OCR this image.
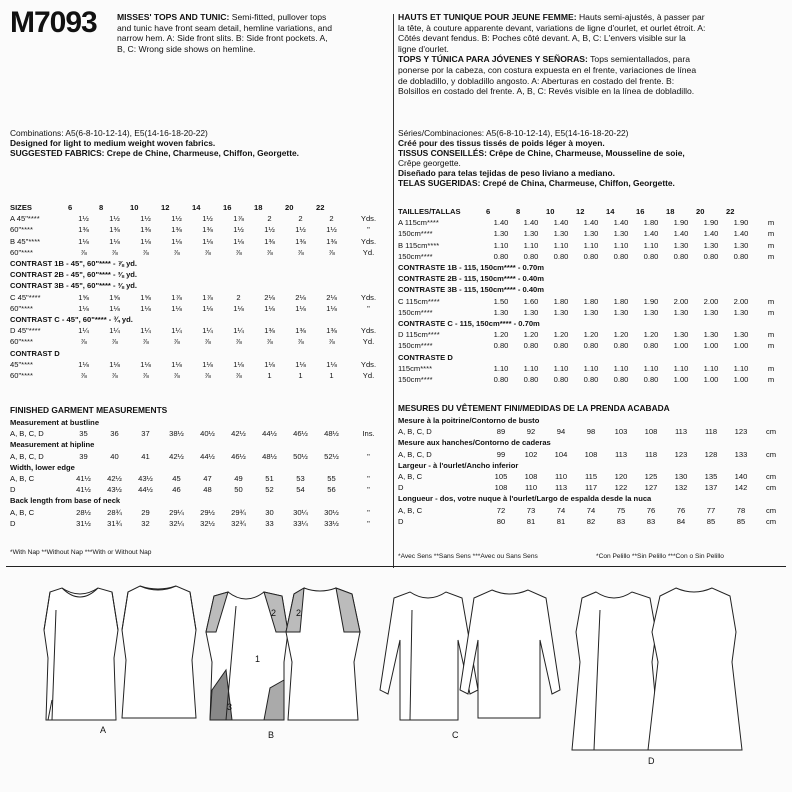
M7093 MISSES' TOPS AND TUNIC: Semi-fitted, pullover tops
and tunic have front seam detail, hemline variations, and
narrow hem. A: Side front slits. B: Side front pockets. A,
B, C: Wrong side shows on hemline.
HAUTS ET TUNIQUE POUR JEUNE FEMME: Hauts semi-ajustés, à passer par
la tête, à couture apparente devant, variations de ligne d'ourlet, et ourlet étroit. A:
Côtés devant fendus. B: Poches côté devant. A, B, C: L'envers visible sur la
ligne d'ourlet.
TOPS Y TÚNICA PARA JÓVENES Y SEÑORAS: Tops semientallados, para
ponerse por la cabeza, con costura expuesta en el frente, variaciones de línea
de dobladillo, y dobladillo angosto. A: Aberturas en costado del frente. B:
Bolsillos en costado del frente. A, B, C: Revés visible en la línea de dobladillo.
Combinations: A5(6-8-10-12-14), E5(14-16-18-20-22)
Designed for light to medium weight woven fabrics.
SUGGESTED FABRICS: Crepe de Chine, Charmeuse, Chiffon, Georgette.
Séries/Combinaciones: A5(6-8-10-12-14), E5(14-16-18-20-22)
Créé pour des tissus tissés de poids léger à moyen.
TISSUS CONSEILLÉS: Crêpe de Chine, Charmeuse, Mousseline de soie,
Crêpe georgette.
Diseñado para telas tejidas de peso liviano a mediano.
TELAS SUGERIDAS: Crepé de China, Charmeuse, Chiffon, Georgette.
SIZES	6	8	10	12	14	16	18	20	22	
A 45"****	1½	1½	1½	1½	1½	1⅞	2	2	2	Yds.
60"****	1⅜	1⅜	1⅜	1⅜	1⅜	1½	1½	1½	1½	"
B 45"****	1⅛	1⅛	1⅛	1⅛	1⅛	1⅛	1⅜	1⅜	1⅜	Yds.
60"****	⅞	⅞	⅞	⅞	⅞	⅞	⅞	⅞	⅞	Yd.
CONTRAST 1B - 45", 60"**** - ⅞ yd.										
CONTRAST 2B - 45", 60"**** - ⅜ yd.										
CONTRAST 3B - 45", 60"**** - ⅜ yd.										
C 45"****	1⅝	1⅝	1⅝	1⅞	1⅞	2	2⅛	2⅛	2⅛	Yds.
60"****	1⅛	1⅛	1⅛	1⅛	1⅛	1⅛	1⅛	1⅛	1⅛	"
CONTRAST C - 45", 60"**** - ¾ yd.										
D 45"****	1¼	1¼	1¼	1¼	1¼	1¼	1⅜	1⅜	1⅜	Yds.
60"****	⅞	⅞	⅞	⅞	⅞	⅞	⅞	⅞	⅞	Yd.
CONTRAST D										
45"****	1⅛	1⅛	1⅛	1⅛	1⅛	1⅛	1⅛	1⅛	1⅛	Yds.
60"****	⅞	⅞	⅞	⅞	⅞	⅞	1	1	1	Yd.
TAILLES/TALLAS	6	8	10	12	14	16	18	20	22	
A 115cm****	1.40	1.40	1.40	1.40	1.40	1.80	1.90	1.90	1.90	m
150cm****	1.30	1.30	1.30	1.30	1.30	1.40	1.40	1.40	1.40	m
B 115cm****	1.10	1.10	1.10	1.10	1.10	1.10	1.30	1.30	1.30	m
150cm****	0.80	0.80	0.80	0.80	0.80	0.80	0.80	0.80	0.80	m
CONTRASTE 1B - 115, 150cm**** - 0.70m										
CONTRASTE 2B - 115, 150cm**** - 0.40m										
CONTRASTE 3B - 115, 150cm**** - 0.40m										
C 115cm****	1.50	1.60	1.80	1.80	1.80	1.90	2.00	2.00	2.00	m
150cm****	1.30	1.30	1.30	1.30	1.30	1.30	1.30	1.30	1.30	m
CONTRASTE C - 115, 150cm**** - 0.70m										
D 115cm****	1.20	1.20	1.20	1.20	1.20	1.20	1.30	1.30	1.30	m
150cm****	0.80	0.80	0.80	0.80	0.80	0.80	1.00	1.00	1.00	m
CONTRASTE D										
115cm****	1.10	1.10	1.10	1.10	1.10	1.10	1.10	1.10	1.10	m
150cm****	0.80	0.80	0.80	0.80	0.80	0.80	1.00	1.00	1.00	m
FINISHED GARMENT MEASUREMENTS
Measurement at bustline										
A, B, C, D	35	36	37	38½	40½	42½	44½	46½	48½	Ins.
Measurement at hipline										
A, B, C, D	39	40	41	42½	44½	46½	48½	50½	52½	"
Width, lower edge										
A, B, C	41½	42½	43½	45	47	49	51	53	55	"
D	41½	43½	44½	46	48	50	52	54	56	"
Back length from base of neck										
A, B, C	28½	28¾	29	29¼	29½	29¾	30	30¼	30½	"
D	31½	31¾	32	32¼	32½	32¾	33	33¼	33½	"
MESURES DU VÊTEMENT FINI/MEDIDAS DE LA PRENDA ACABADA
Mesure à la poitrine/Contorno de busto										
A, B, C, D	89	92	94	98	103	108	113	118	123	cm
Mesure aux hanches/Contorno de caderas										
A, B, C, D	99	102	104	108	113	118	123	128	133	cm
Largeur - à l'ourlet/Ancho inferior										
A, B, C	105	108	110	115	120	125	130	135	140	cm
D	108	110	113	117	122	127	132	137	142	cm
Longueur - dos, votre nuque à l'ourlet/Largo de espalda desde la nuca										
A, B, C	72	73	74	74	75	76	76	77	78	cm
D	80	81	81	82	83	83	84	85	85	cm
*With Nap **Without Nap ***With or Without Nap
*Avec Sens **Sans Sens ***Avec ou Sans Sens	*Con Pelillo **Sin Pelillo ***Con o Sin Pelillo
1
2
3
2
A	B	C
D
